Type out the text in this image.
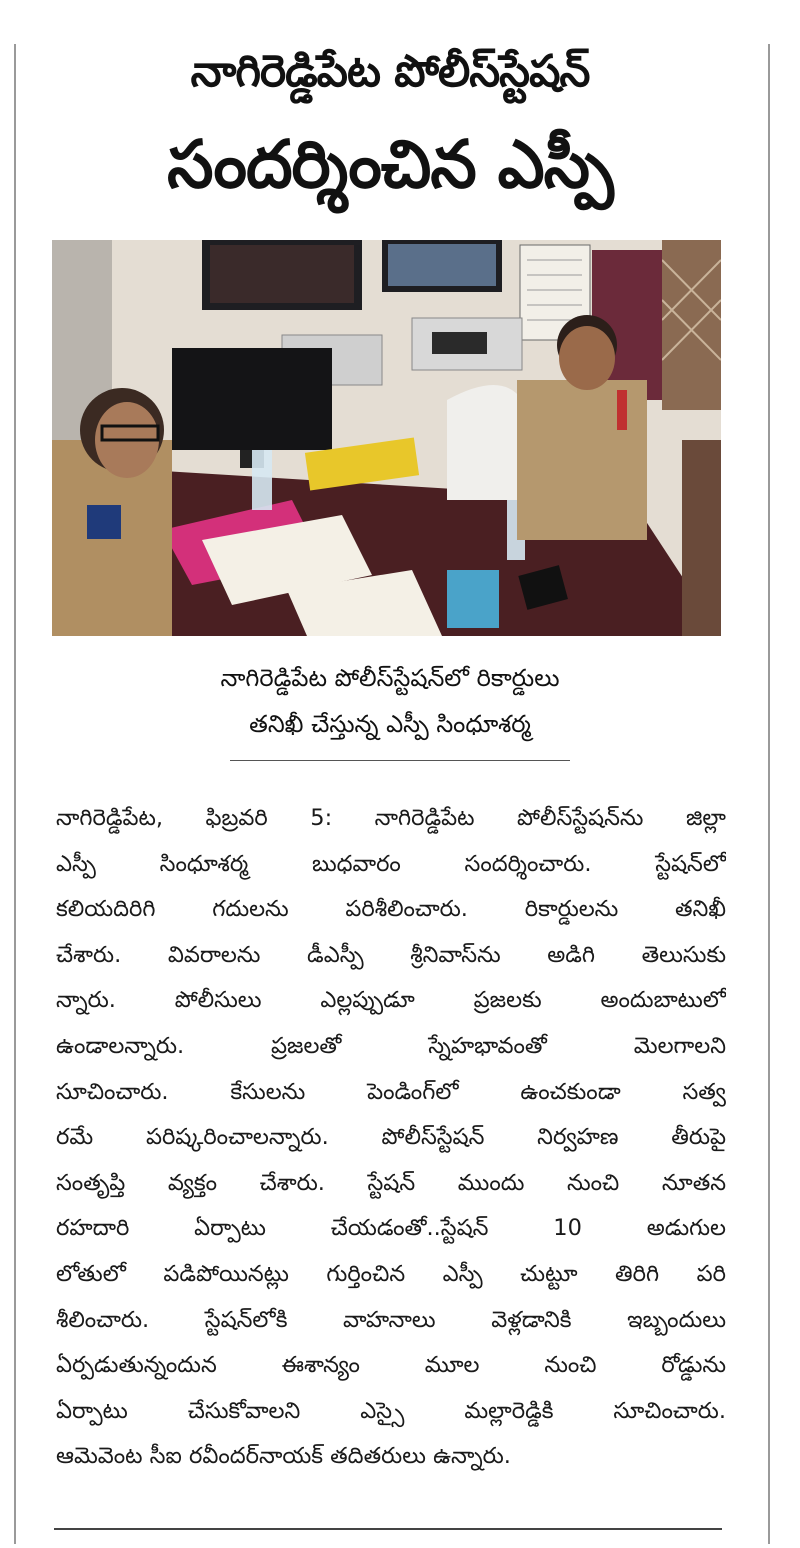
నాగిరెడ్డిపేట పోలీస్‌స్టేషన్
సందర్శించిన ఎస్పీ
నాగిరెడ్డిపేట పోలీస్‌స్టేషన్‌లో రికార్డులు
తనిఖీ చేస్తున్న ఎస్పీ సింధూశర్మ
నాగిరెడ్డిపేట, ఫిబ్రవరి 5: నాగిరెడ్డిపేట పోలీస్‌స్టేషన్‌ను జిల్లా
ఎస్పీ సింధూశర్మ బుధవారం సందర్శించారు. స్టేషన్‌లో
కలియదిరిగి గదులను పరిశీలించారు. రికార్డులను తనిఖీ
చేశారు. వివరాలను డీఎస్పీ శ్రీనివాస్‌ను అడిగి తెలుసుకు
న్నారు. పోలీసులు ఎల్లప్పుడూ ప్రజలకు అందుబాటులో
ఉండాలన్నారు. ప్రజలతో స్నేహభావంతో మెలగాలని
సూచించారు. కేసులను పెండింగ్‌లో ఉంచకుండా సత్వ
రమే పరిష్కరించాలన్నారు. పోలీస్‌స్టేషన్ నిర్వహణ తీరుపై
సంతృప్తి వ్యక్తం చేశారు. స్టేషన్ ముందు నుంచి నూతన
రహదారి ఏర్పాటు చేయడంతో..స్టేషన్ 10 అడుగుల
లోతులో పడిపోయినట్లు గుర్తించిన ఎస్పీ చుట్టూ తిరిగి పరి
శీలించారు. స్టేషన్‌లోకి వాహనాలు వెళ్లడానికి ఇబ్బందులు
ఏర్పడుతున్నందున ఈశాన్యం మూల నుంచి రోడ్డును
ఏర్పాటు చేసుకోవాలని ఎస్సై మల్లారెడ్డికి సూచించారు.
ఆమెవెంట సీఐ రవీందర్‌నాయక్ తదితరులు ఉన్నారు.
